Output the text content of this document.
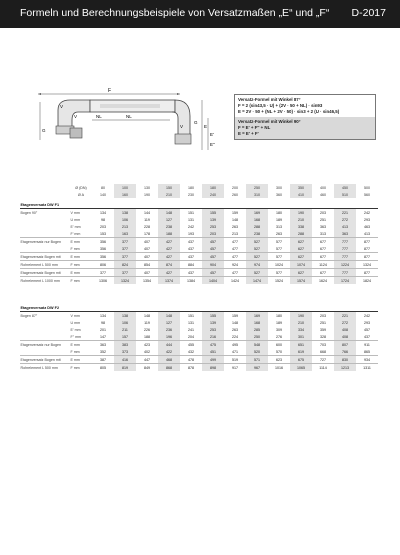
Formeln und Berechnungsbeispiele von Versatzmaßen „E“ und „F“ D-2017
F
V
V	NL
NL
V	E
E'
E''
G
G
Versatz-Formel mit Winkel 87°
F = 2 (sin43,5 · U) + (2V · 50 + NL) · sin93
E = 2V · 50 + (NL + 2V · 50) · sin3 + 2 (U · sin46,5)
Versatz-Formel mit Winkel 90°
F = E' + F'' + NL
E = E' + F'
	Ø (DN)	80	100	130	150	180	180	200	250	300	350	400	450	500
	Ø A	140	160	190	210	230	240	260	310	360	410	460	510	560
Etagenversatz DW F1														
Bogen 90°	V mm	134	138	144	148	151	155	159	169	180	190	203	221	242
	U mm	98	106	119	127	131	139	148	168	189	210	251	272	293
	E' mm	203	213	228	238	242	253	263	288	313	338	363	413	463
	F' mm	153	163	178	188	193	203	213	238	263	288	313	363	413
Etagenversatz nur Bogen	E mm	356	377	407	427	437	457	477	527	577	627	677	777	877
	F mm	356	377	407	427	437	457	477	527	577	627	677	777	877
Etagenversatz Bogen mit	E mm	356	377	407	427	437	457	477	527	577	627	677	777	877
Rohrelement L 500 mm	F mm	806	824	854	874	884	904	924	974	1024	1074	1124	1224	1324
Etagenversatz Bogen mit	E mm	377	377	407	427	437	457	477	527	577	627	677	777	877
Rohrelement L 1000 mm	F mm	1306	1324	1354	1374	1384	1404	1424	1474	1524	1574	1624	1724	1824
Etagenversatz DW F2														
Bogen 87°	V mm	134	138	148	148	151	155	159	169	180	190	203	221	242
	U mm	98	106	119	127	131	139	148	168	189	210	251	272	293
	E' mm	201	211	226	236	241	253	263	285	309	334	359	408	457
	F'' mm	147	157	188	196	204	216	224	250	276	301	328	408	437
Etagenversatz nur Bogen	E mm	363	383	423	444	455	475	495	548	600	651	703	807	911
	F mm	352	373	402	422	432	451	471	520	570	619	668	766	865
Etagenversatz Bogen mit	E mm	387	416	447	468	478	499	519	571	623	675	727	830	934
Rohrelement L 500 mm	F mm	805	819	849	868	878	898	917	967	1016	1065	1114	1213	1311
